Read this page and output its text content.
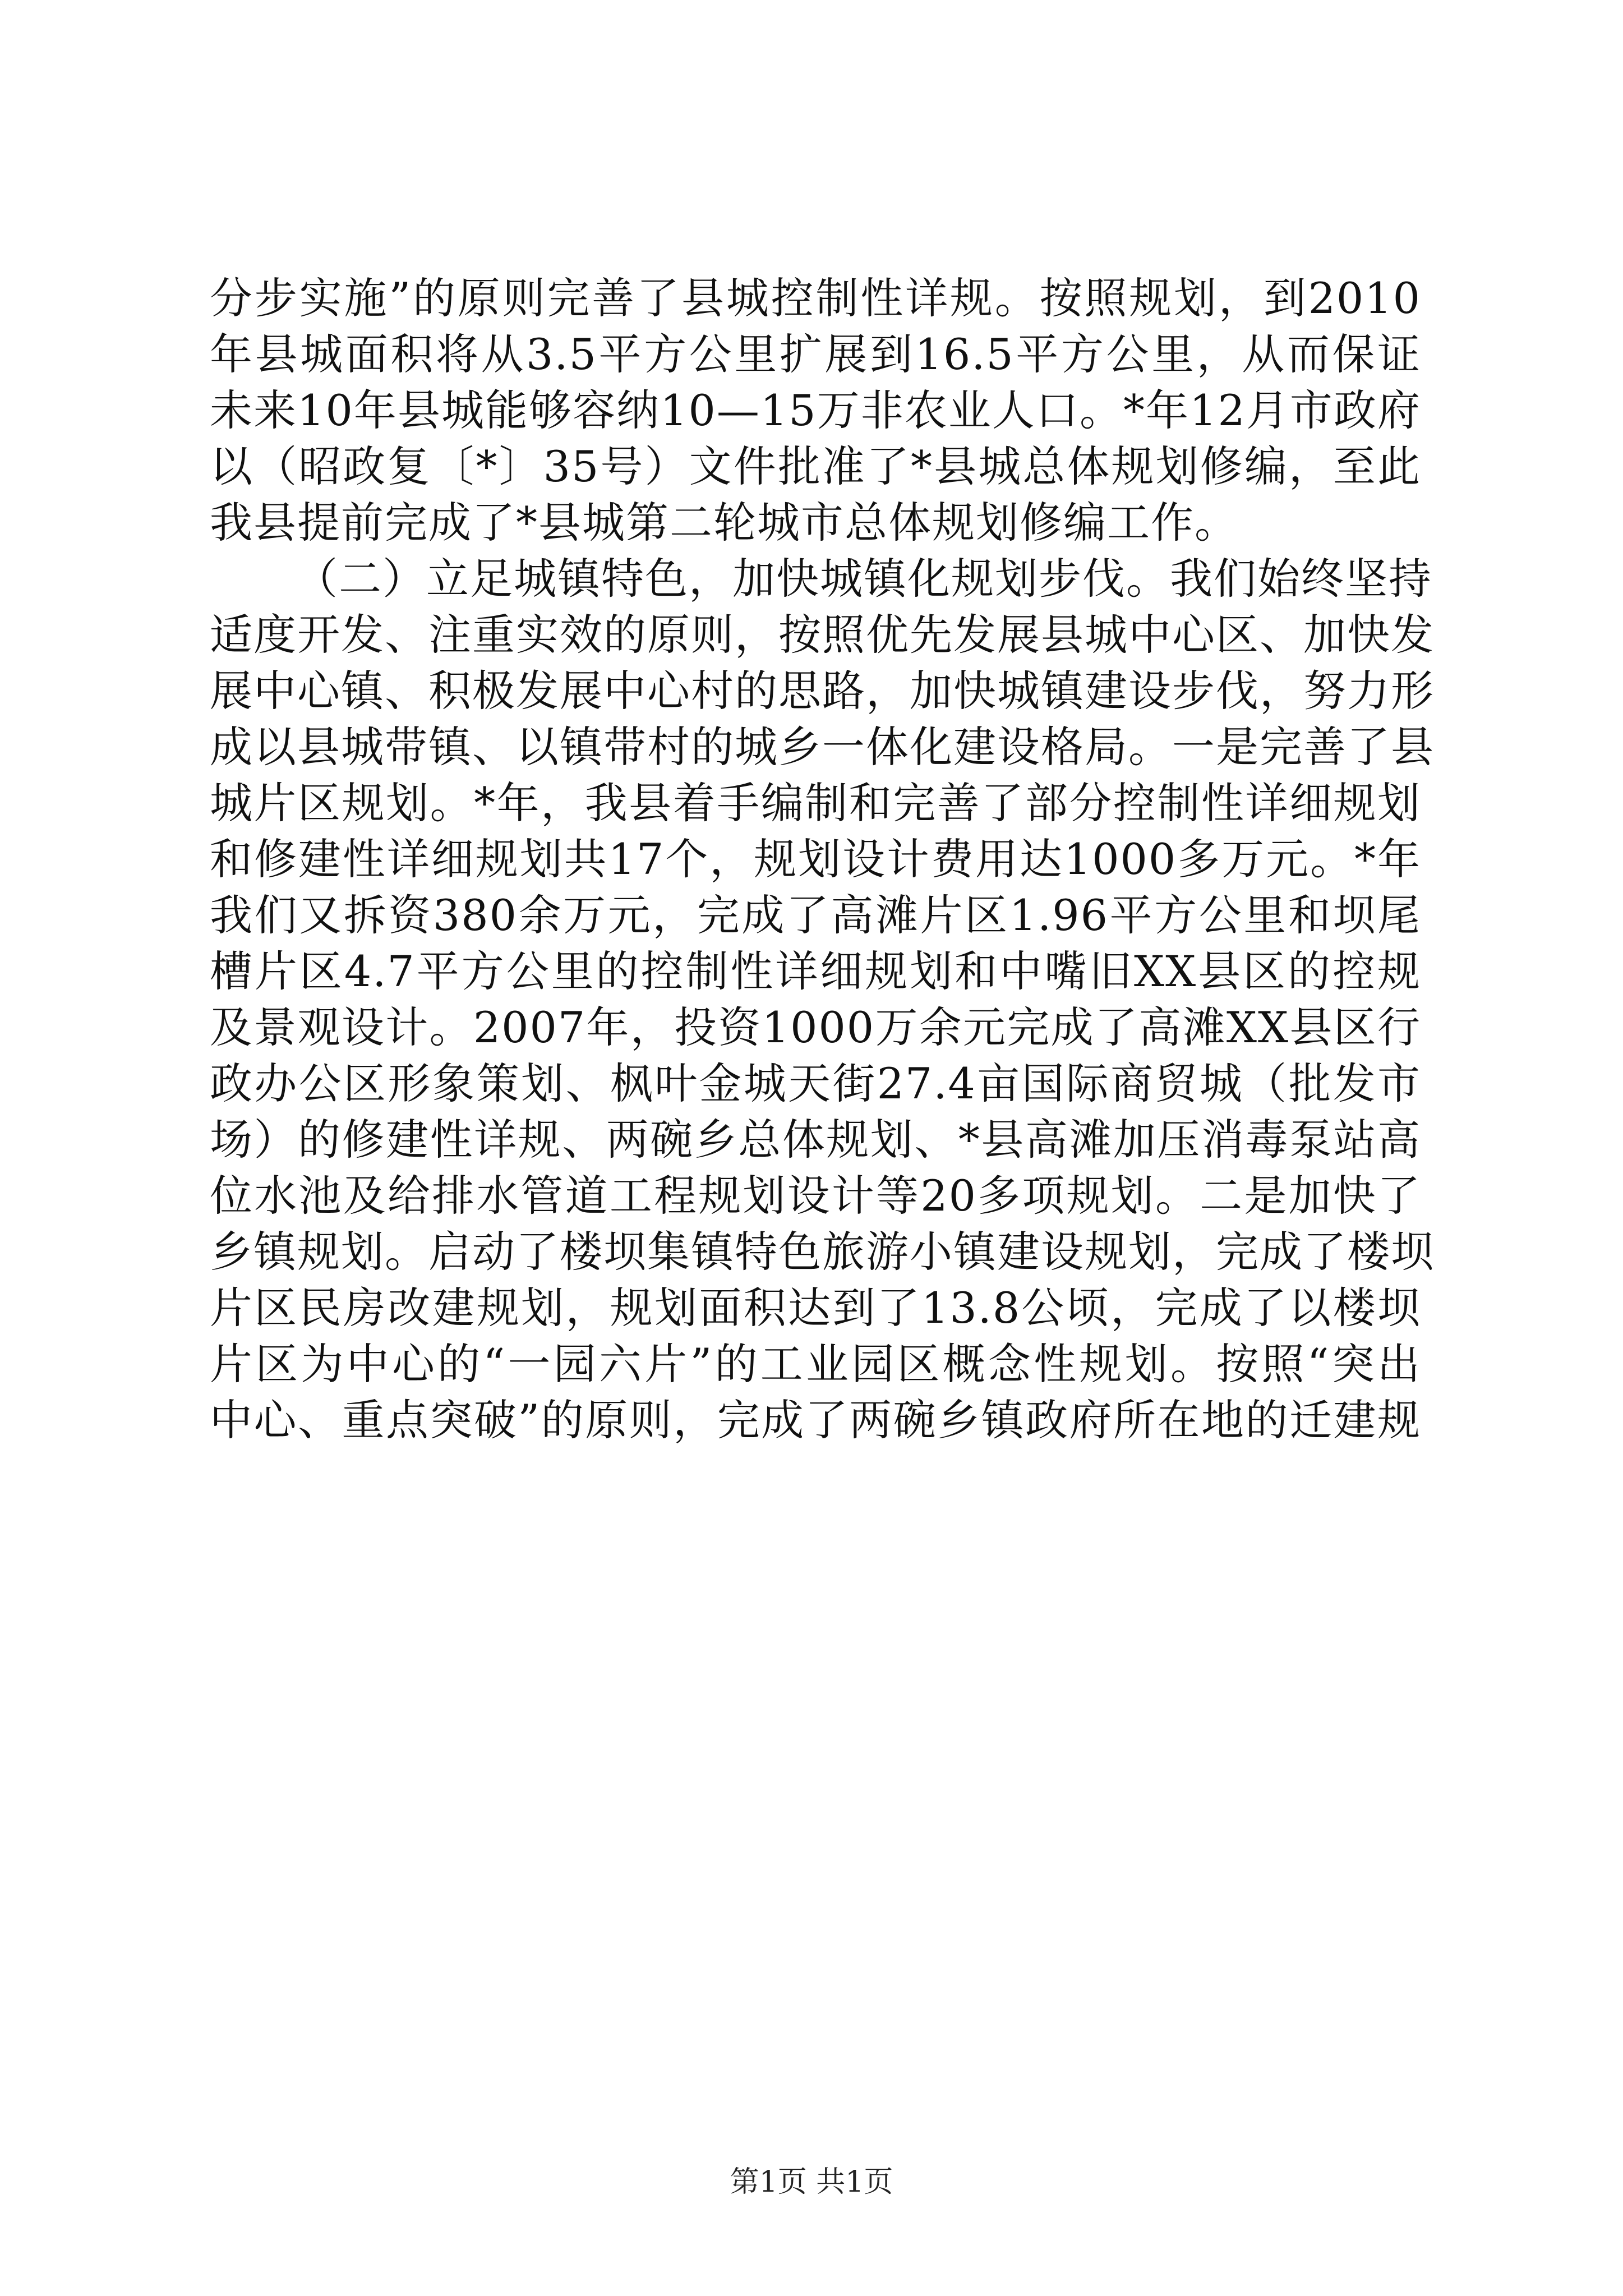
分步实施”的原则完善了县城控制性详规。按照规划，到2010
年县城面积将从3.5平方公里扩展到16.5平方公里，从而保证
未来10年县城能够容纳10—15万非农业人口。*年12月市政府
以（昭政复〔*〕35号）文件批准了*县城总体规划修编，至此
我县提前完成了*县城第二轮城市总体规划修编工作。
（二）立足城镇特色，加快城镇化规划步伐。我们始终坚持
适度开发、注重实效的原则，按照优先发展县城中心区、加快发
展中心镇、积极发展中心村的思路，加快城镇建设步伐，努力形
成以县城带镇、以镇带村的城乡一体化建设格局。一是完善了县
城片区规划。*年，我县着手编制和完善了部分控制性详细规划
和修建性详细规划共17个，规划设计费用达1000多万元。*年
我们又拆资380余万元，完成了高滩片区1.96平方公里和坝尾
槽片区4.7平方公里的控制性详细规划和中嘴旧XX县区的控规
及景观设计。2007年，投资1000万余元完成了高滩XX县区行
政办公区形象策划、枫叶金城天街27.4亩国际商贸城（批发市
场）的修建性详规、两碗乡总体规划、*县高滩加压消毒泵站高
位水池及给排水管道工程规划设计等20多项规划。二是加快了
乡镇规划。启动了楼坝集镇特色旅游小镇建设规划，完成了楼坝
片区民房改建规划，规划面积达到了13.8公顷，完成了以楼坝
片区为中心的“一园六片”的工业园区概念性规划。按照“突出
中心、重点突破”的原则，完成了两碗乡镇政府所在地的迁建规
第1页 共1页
